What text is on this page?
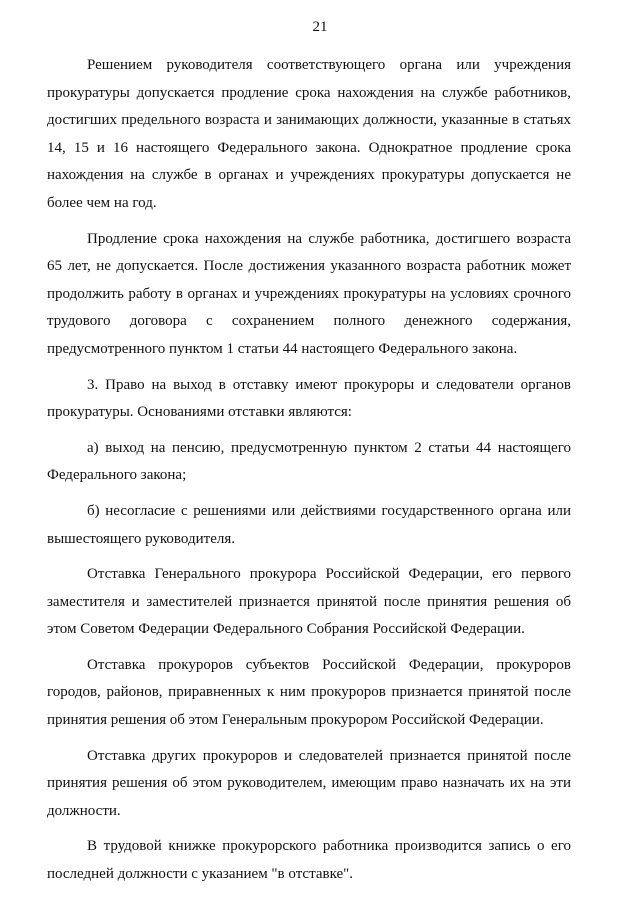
21

Решением руководителя соответствующего органа или учреждения прокуратуры допускается продление срока нахождения на службе работников, достигших предельного возраста и занимающих должности, указанные в статьях 14, 15 и 16 настоящего Федерального закона. Однократное продление срока нахождения на службе в органах и учреждениях прокуратуры допускается не более чем на год.

Продление срока нахождения на службе работника, достигшего возраста 65 лет, не допускается. После достижения указанного возраста работник может продолжить работу в органах и учреждениях прокуратуры на условиях срочного трудового договора с сохранением полного денежного содержания, предусмотренного пунктом 1 статьи 44 настоящего Федерального закона.

3. Право на выход в отставку имеют прокуроры и следователи органов прокуратуры. Основаниями отставки являются:

а) выход на пенсию, предусмотренную пунктом 2 статьи 44 настоящего Федерального закона;

б) несогласие с решениями или действиями государственного органа или вышестоящего руководителя.

Отставка Генерального прокурора Российской Федерации, его первого заместителя и заместителей признается принятой после принятия решения об этом Советом Федерации Федерального Собрания Российской Федерации.

Отставка прокуроров субъектов Российской Федерации, прокуроров городов, районов, приравненных к ним прокуроров признается принятой после принятия решения об этом Генеральным прокурором Российской Федерации.

Отставка других прокуроров и следователей признается принятой после принятия решения об этом руководителем, имеющим право назначать их на эти должности.

В трудовой книжке прокурорского работника производится запись о его последней должности с указанием "в отставке".
